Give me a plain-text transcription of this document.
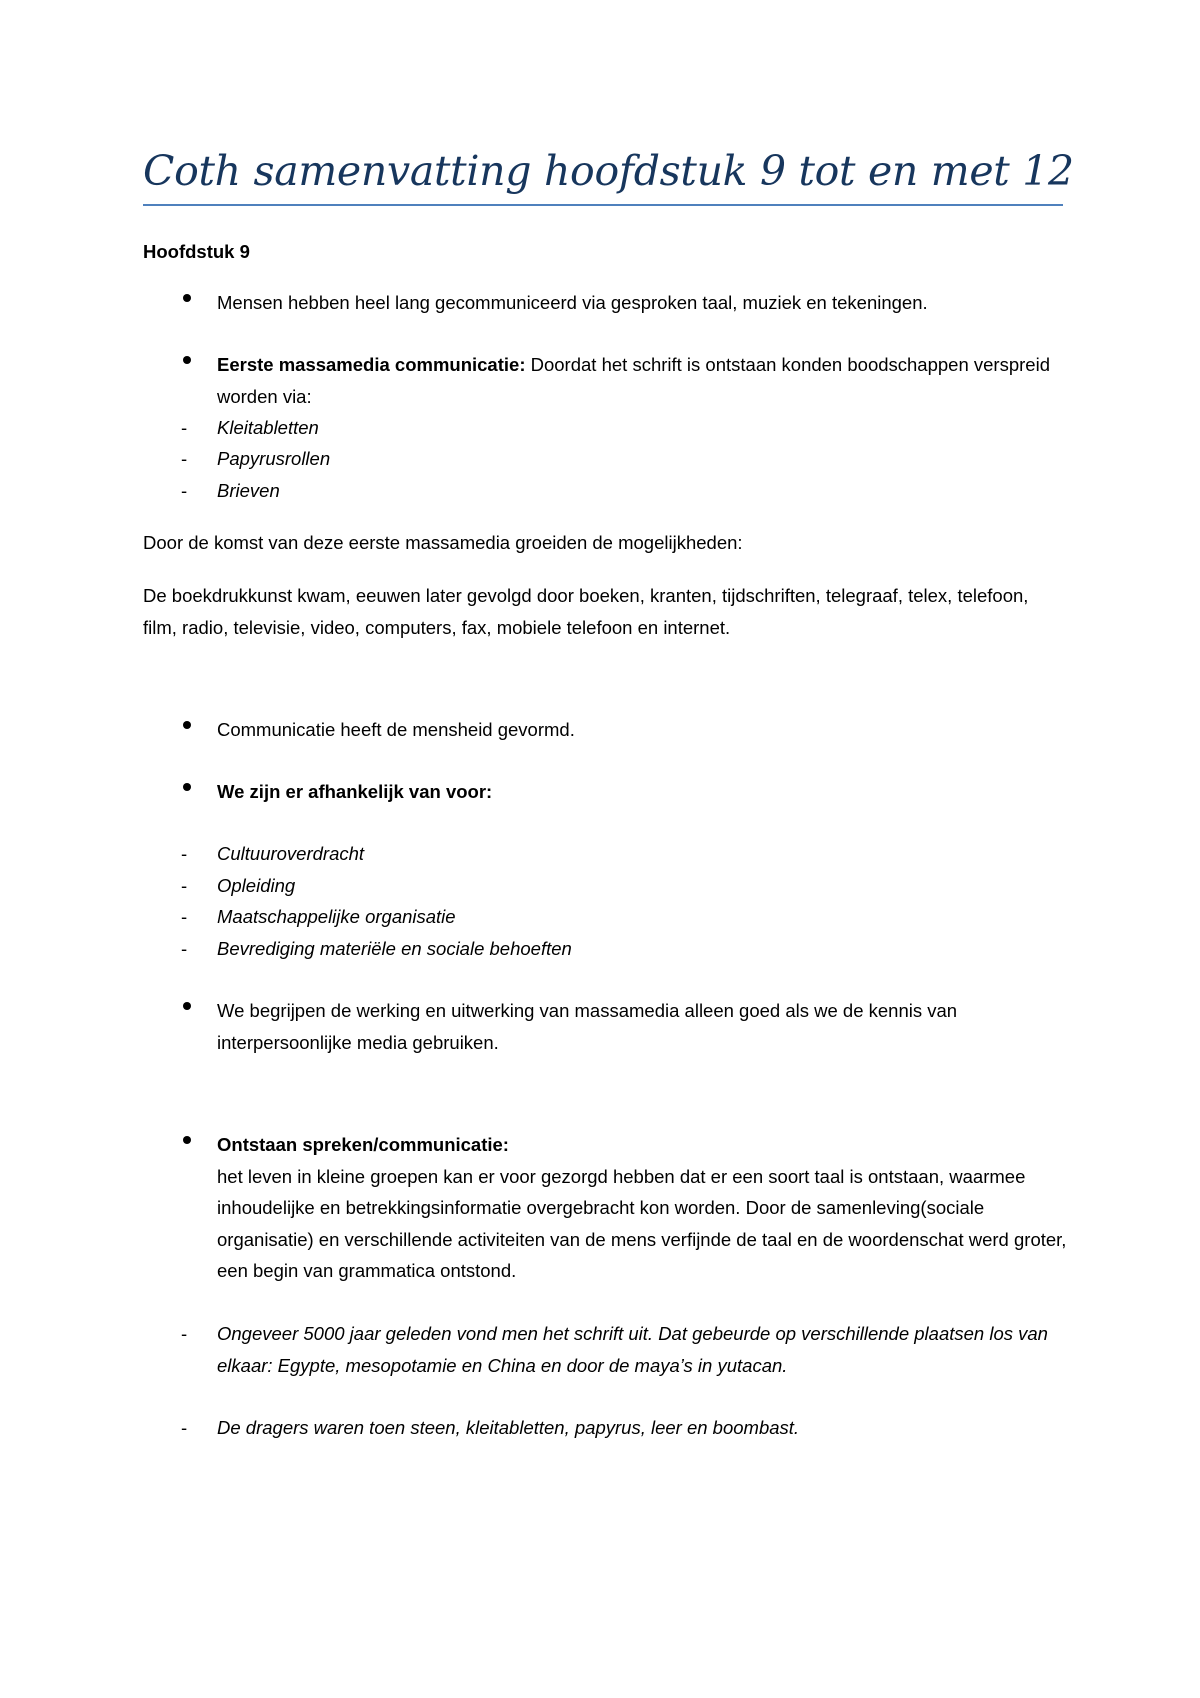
Coth samenvatting hoofdstuk 9 tot en met 12
Hoofdstuk 9
Mensen hebben heel lang gecommuniceerd via gesproken taal, muziek en tekeningen.
Eerste massamedia communicatie: Doordat het schrift is ontstaan konden boodschappen verspreid worden via:
- Kleitabletten
- Papyrusrollen
- Brieven
Door de komst van deze eerste massamedia groeiden de mogelijkheden:
De boekdrukkunst kwam, eeuwen later gevolgd door boeken, kranten, tijdschriften, telegraaf, telex, telefoon, film, radio, televisie, video, computers, fax, mobiele telefoon en internet.
Communicatie heeft de mensheid gevormd.
We zijn er afhankelijk van voor:
- Cultuuroverdracht
- Opleiding
- Maatschappelijke organisatie
- Bevrediging materiële en sociale behoeften
We begrijpen de werking en uitwerking van massamedia alleen goed als we de kennis van interpersoonlijke media gebruiken.
Ontstaan spreken/communicatie:
het leven in kleine groepen kan er voor gezorgd hebben dat er een soort taal is ontstaan, waarmee inhoudelijke en betrekkingsinformatie overgebracht kon worden. Door de samenleving(sociale organisatie) en verschillende activiteiten van de mens verfijnde de taal en de woordenschat werd groter, een begin van grammatica ontstond.
- Ongeveer 5000 jaar geleden vond men het schrift uit. Dat gebeurde op verschillende plaatsen los van elkaar: Egypte, mesopotamie en China en door de maya’s in yutacan.
- De dragers waren toen steen, kleitabletten, papyrus, leer en boombast.
